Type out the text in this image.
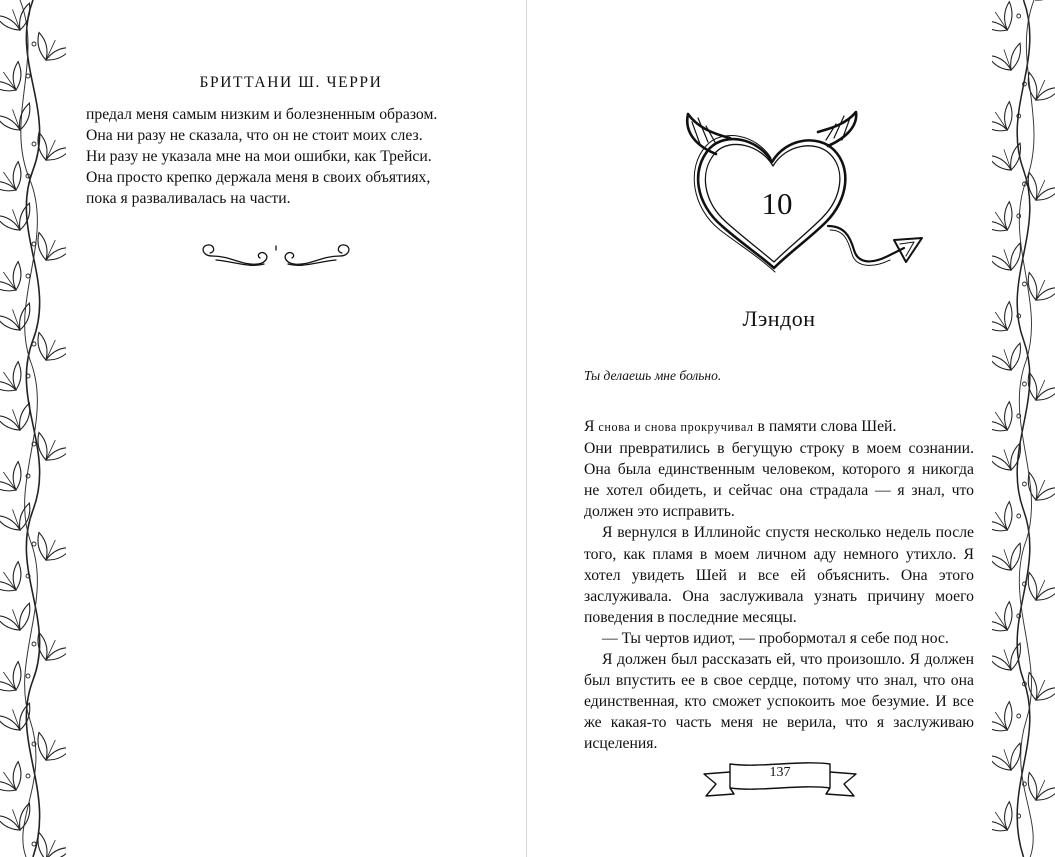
БРИТТАНИ Ш. ЧЕРРИ

предал меня самым низким и болезненным образом.

Она ни разу не сказала, что он не стоит моих слез.

Ни разу не указала мне на мои ошибки, как Трейси.

Она просто крепко держала меня в своих объятиях,

пока я разваливалась на части.	10
Лэндон
Ты делаешь мне больно.

Я снова и снова прокручивал в памяти слова Шей.

Они превратились в бегущую строку в моем сознании. Она была единственным человеком, которого я никогда не хотел обидеть, и сейчас она страдала — я знал, что должен это исправить.

Я вернулся в Иллинойс спустя несколько недель после того, как пламя в моем личном аду немного утихло. Я хотел увидеть Шей и все ей объяснить. Она этого заслуживала. Она заслуживала узнать причину моего поведения в последние месяцы.

— Ты чертов идиот, — пробормотал я себе под нос.

Я должен был рассказать ей, что произошло. Я должен был впустить ее в свое сердце, потому что знал, что она единственная, кто сможет успокоить мое безумие. И все же какая-то часть меня не верила, что я заслуживаю исцеления.

137
